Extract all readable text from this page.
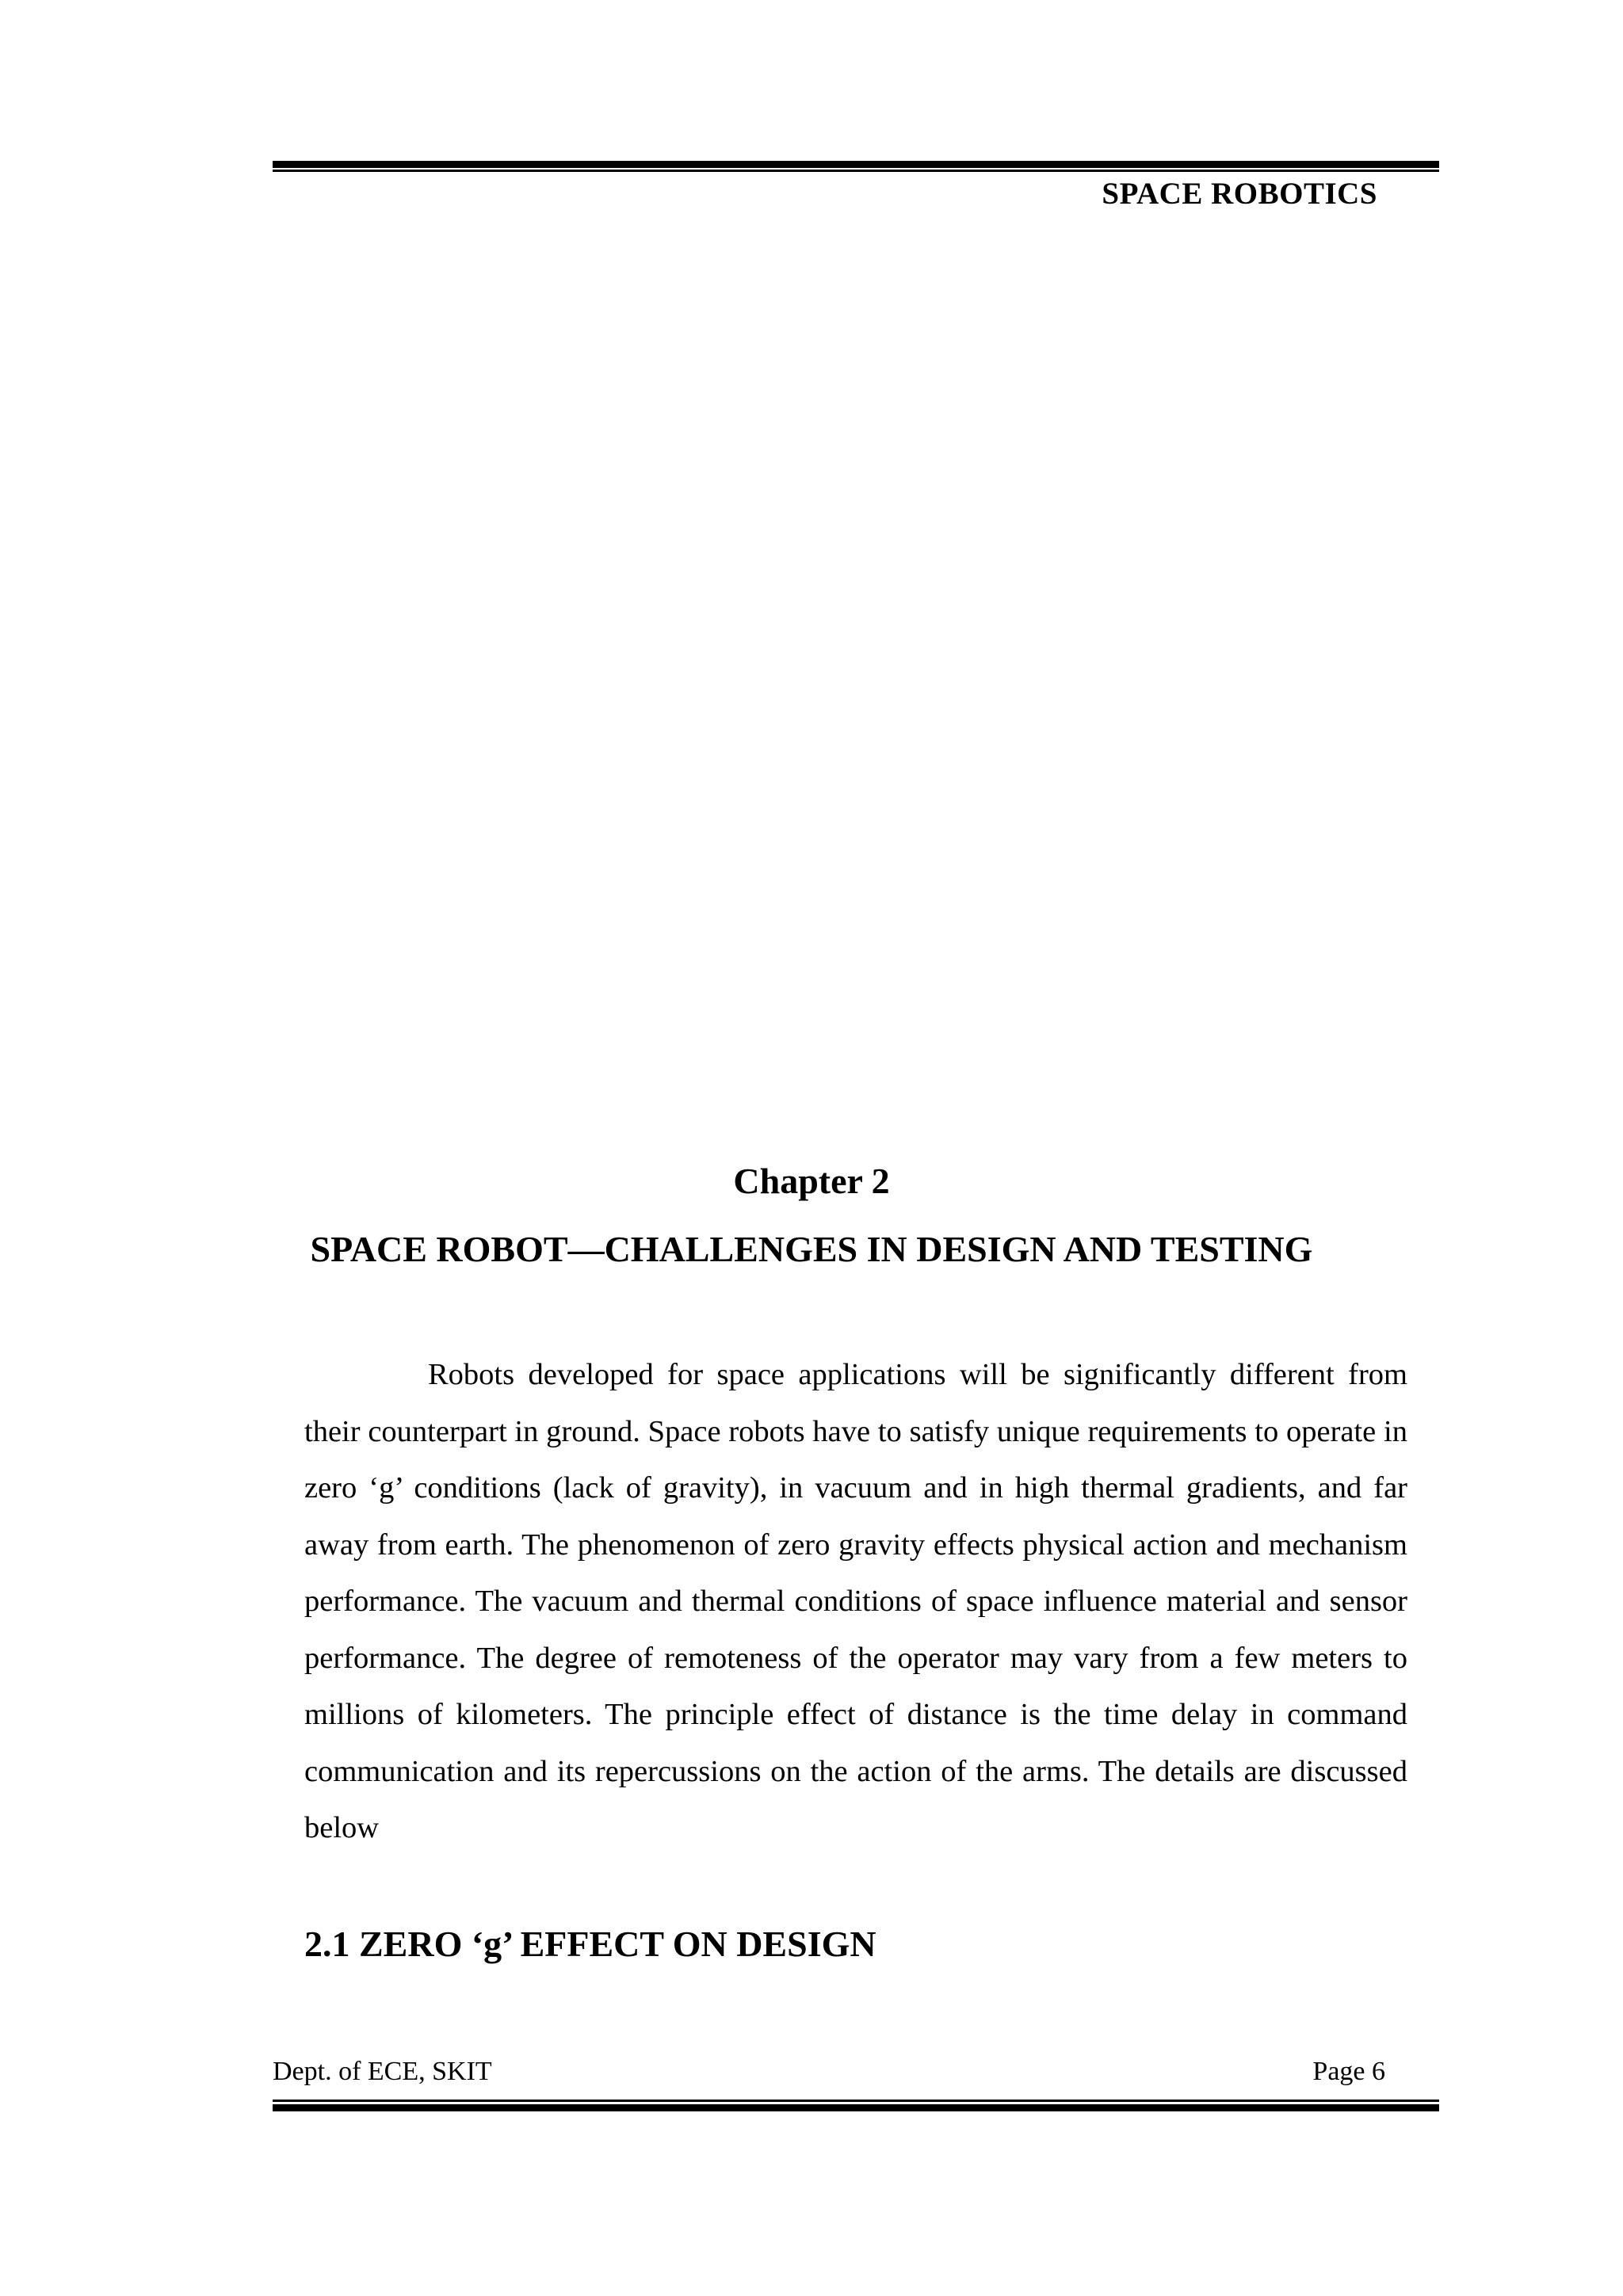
SPACE ROBOTICS
Chapter 2
SPACE ROBOT—CHALLENGES IN DESIGN AND TESTING

Robots developed for space applications will be significantly different from their counterpart in ground. Space robots have to satisfy unique requirements to operate in zero ‘g’ conditions (lack of gravity), in vacuum and in high thermal gradients, and far away from earth. The phenomenon of zero gravity effects physical action and mechanism performance. The vacuum and thermal conditions of space influence material and sensor performance. The degree of remoteness of the operator may vary from a few meters to millions of kilometers. The principle effect of distance is the time delay in command communication and its repercussions on the action of the arms. The details are discussed below

2.1 ZERO ‘g’ EFFECT ON DESIGN
Dept. of ECE, SKIT	Page 6
